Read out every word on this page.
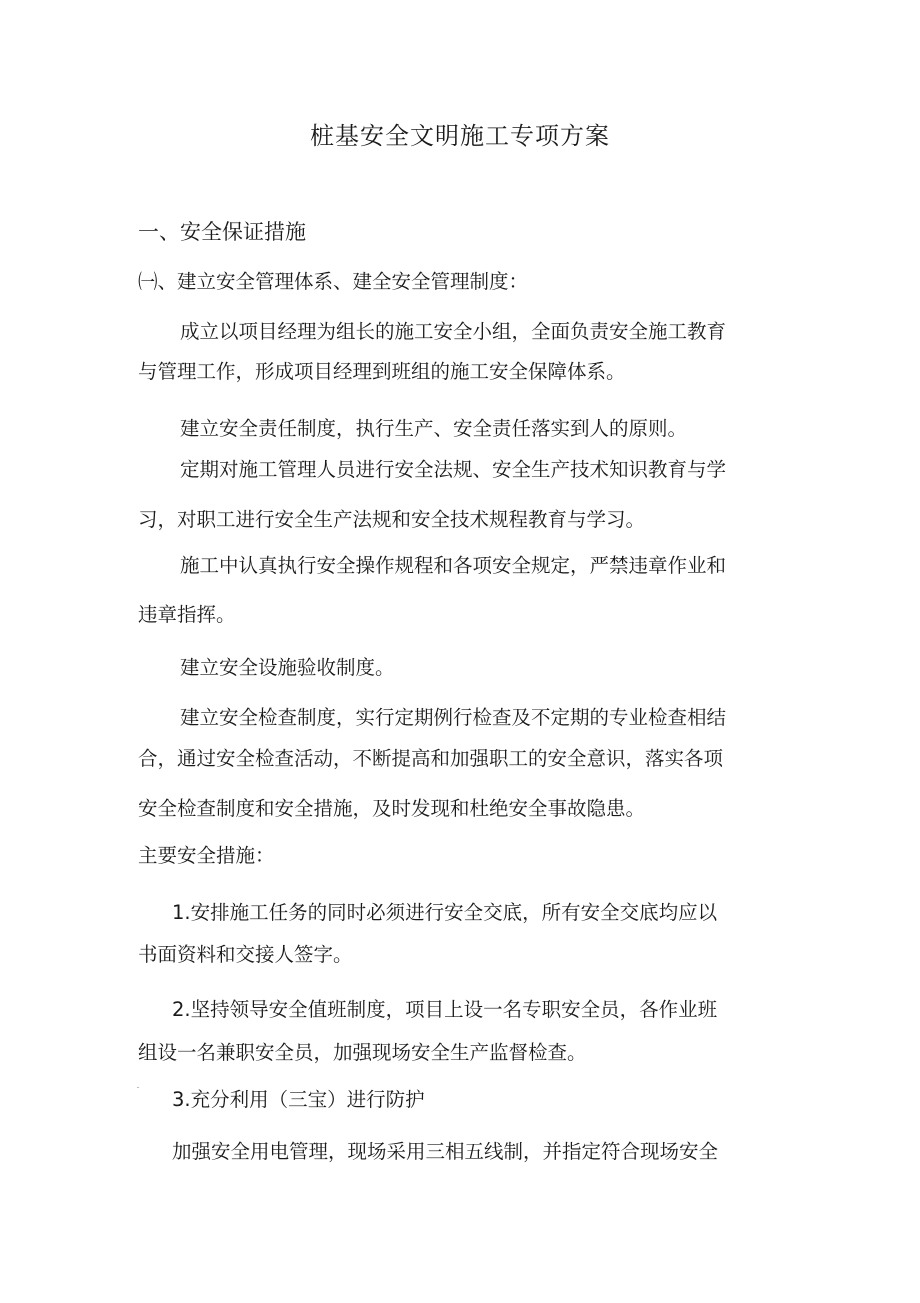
桩基安全文明施工专项方案
一、安全保证措施
㈠、建立安全管理体系、建全安全管理制度：
成立以项目经理为组长的施工安全小组，全面负责安全施工教育
与管理工作，形成项目经理到班组的施工安全保障体系。
建立安全责任制度，执行生产、安全责任落实到人的原则。
定期对施工管理人员进行安全法规、安全生产技术知识教育与学
习，对职工进行安全生产法规和安全技术规程教育与学习。
施工中认真执行安全操作规程和各项安全规定，严禁违章作业和
违章指挥。
建立安全设施验收制度。
建立安全检查制度，实行定期例行检查及不定期的专业检查相结
合，通过安全检查活动，不断提高和加强职工的安全意识，落实各项
安全检查制度和安全措施，及时发现和杜绝安全事故隐患。
主要安全措施：
1.安排施工任务的同时必须进行安全交底，所有安全交底均应以
书面资料和交接人签字。
2.坚持领导安全值班制度，项目上设一名专职安全员，各作业班
组设一名兼职安全员，加强现场安全生产监督检查。
3.充分利用（三宝）进行防护
加强安全用电管理，现场采用三相五线制，并指定符合现场安全
